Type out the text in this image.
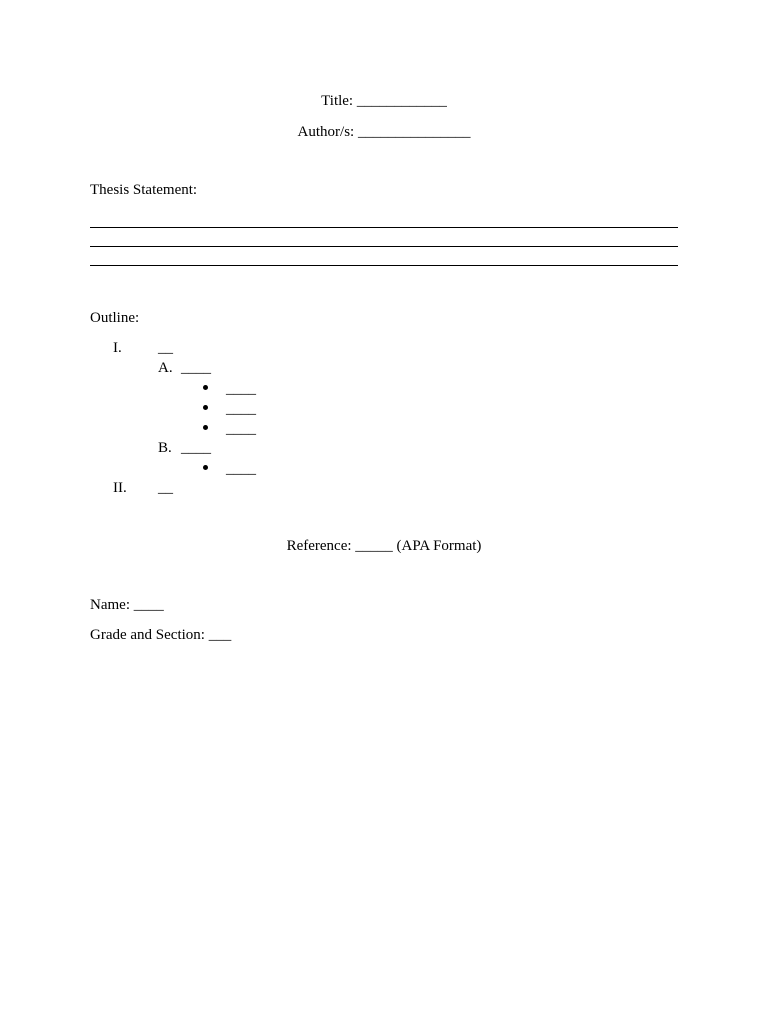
Title: ____________
Author/s: _______________
Thesis Statement:
Outline:
I. __
A. ____
____
____
____
B. ____
____
II. __
Reference: _____ (APA Format)
Name: ____
Grade and Section: ___
